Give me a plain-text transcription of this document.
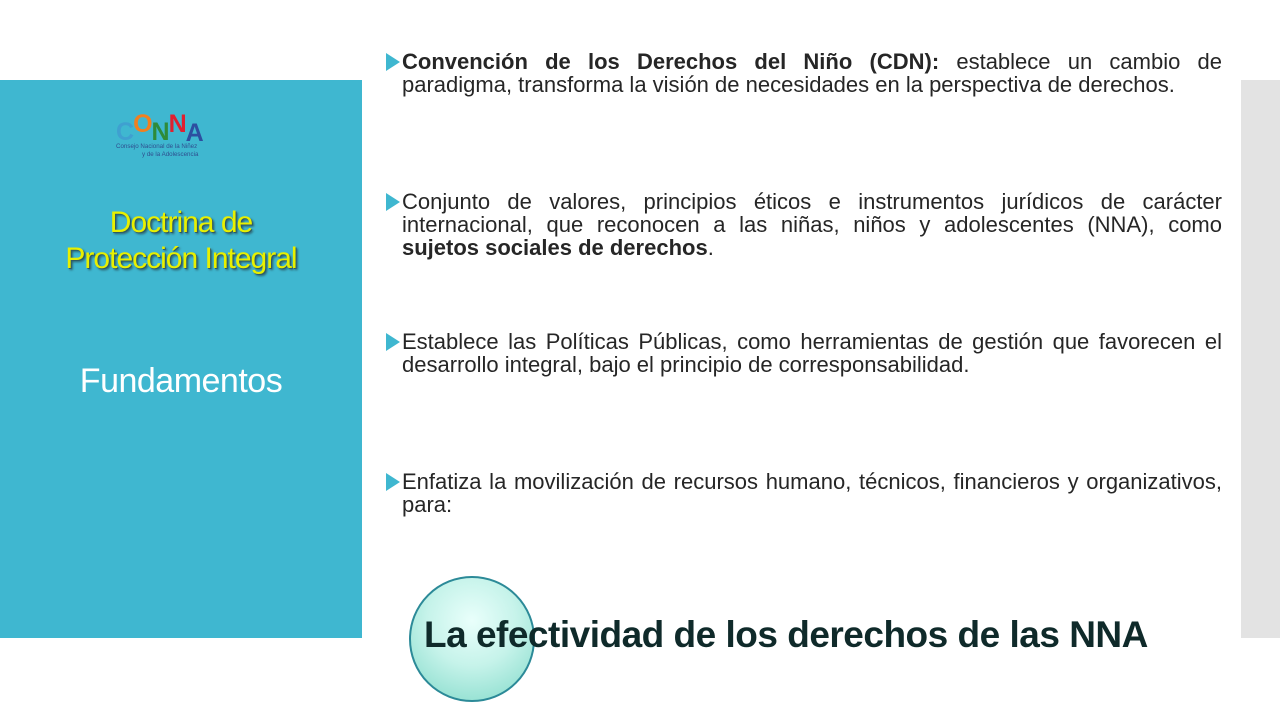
CONNA
Consejo Nacional de la Niñez
y de la Adolescencia
Doctrina de
Protección Integral
Fundamentos

Convención de los Derechos del Niño (CDN): establece un cambio de paradigma, transforma la visión de necesidades en la perspectiva de derechos.

Conjunto de valores, principios éticos e instrumentos jurídicos de carácter internacional, que reconocen a las niñas, niños y adolescentes (NNA), como sujetos sociales de derechos.

Establece las Políticas Públicas, como herramientas de gestión que favorecen el desarrollo integral, bajo el principio de corresponsabilidad.

Enfatiza la movilización de recursos humano, técnicos, financieros y organizativos, para:

La efectividad de los derechos de las NNA
